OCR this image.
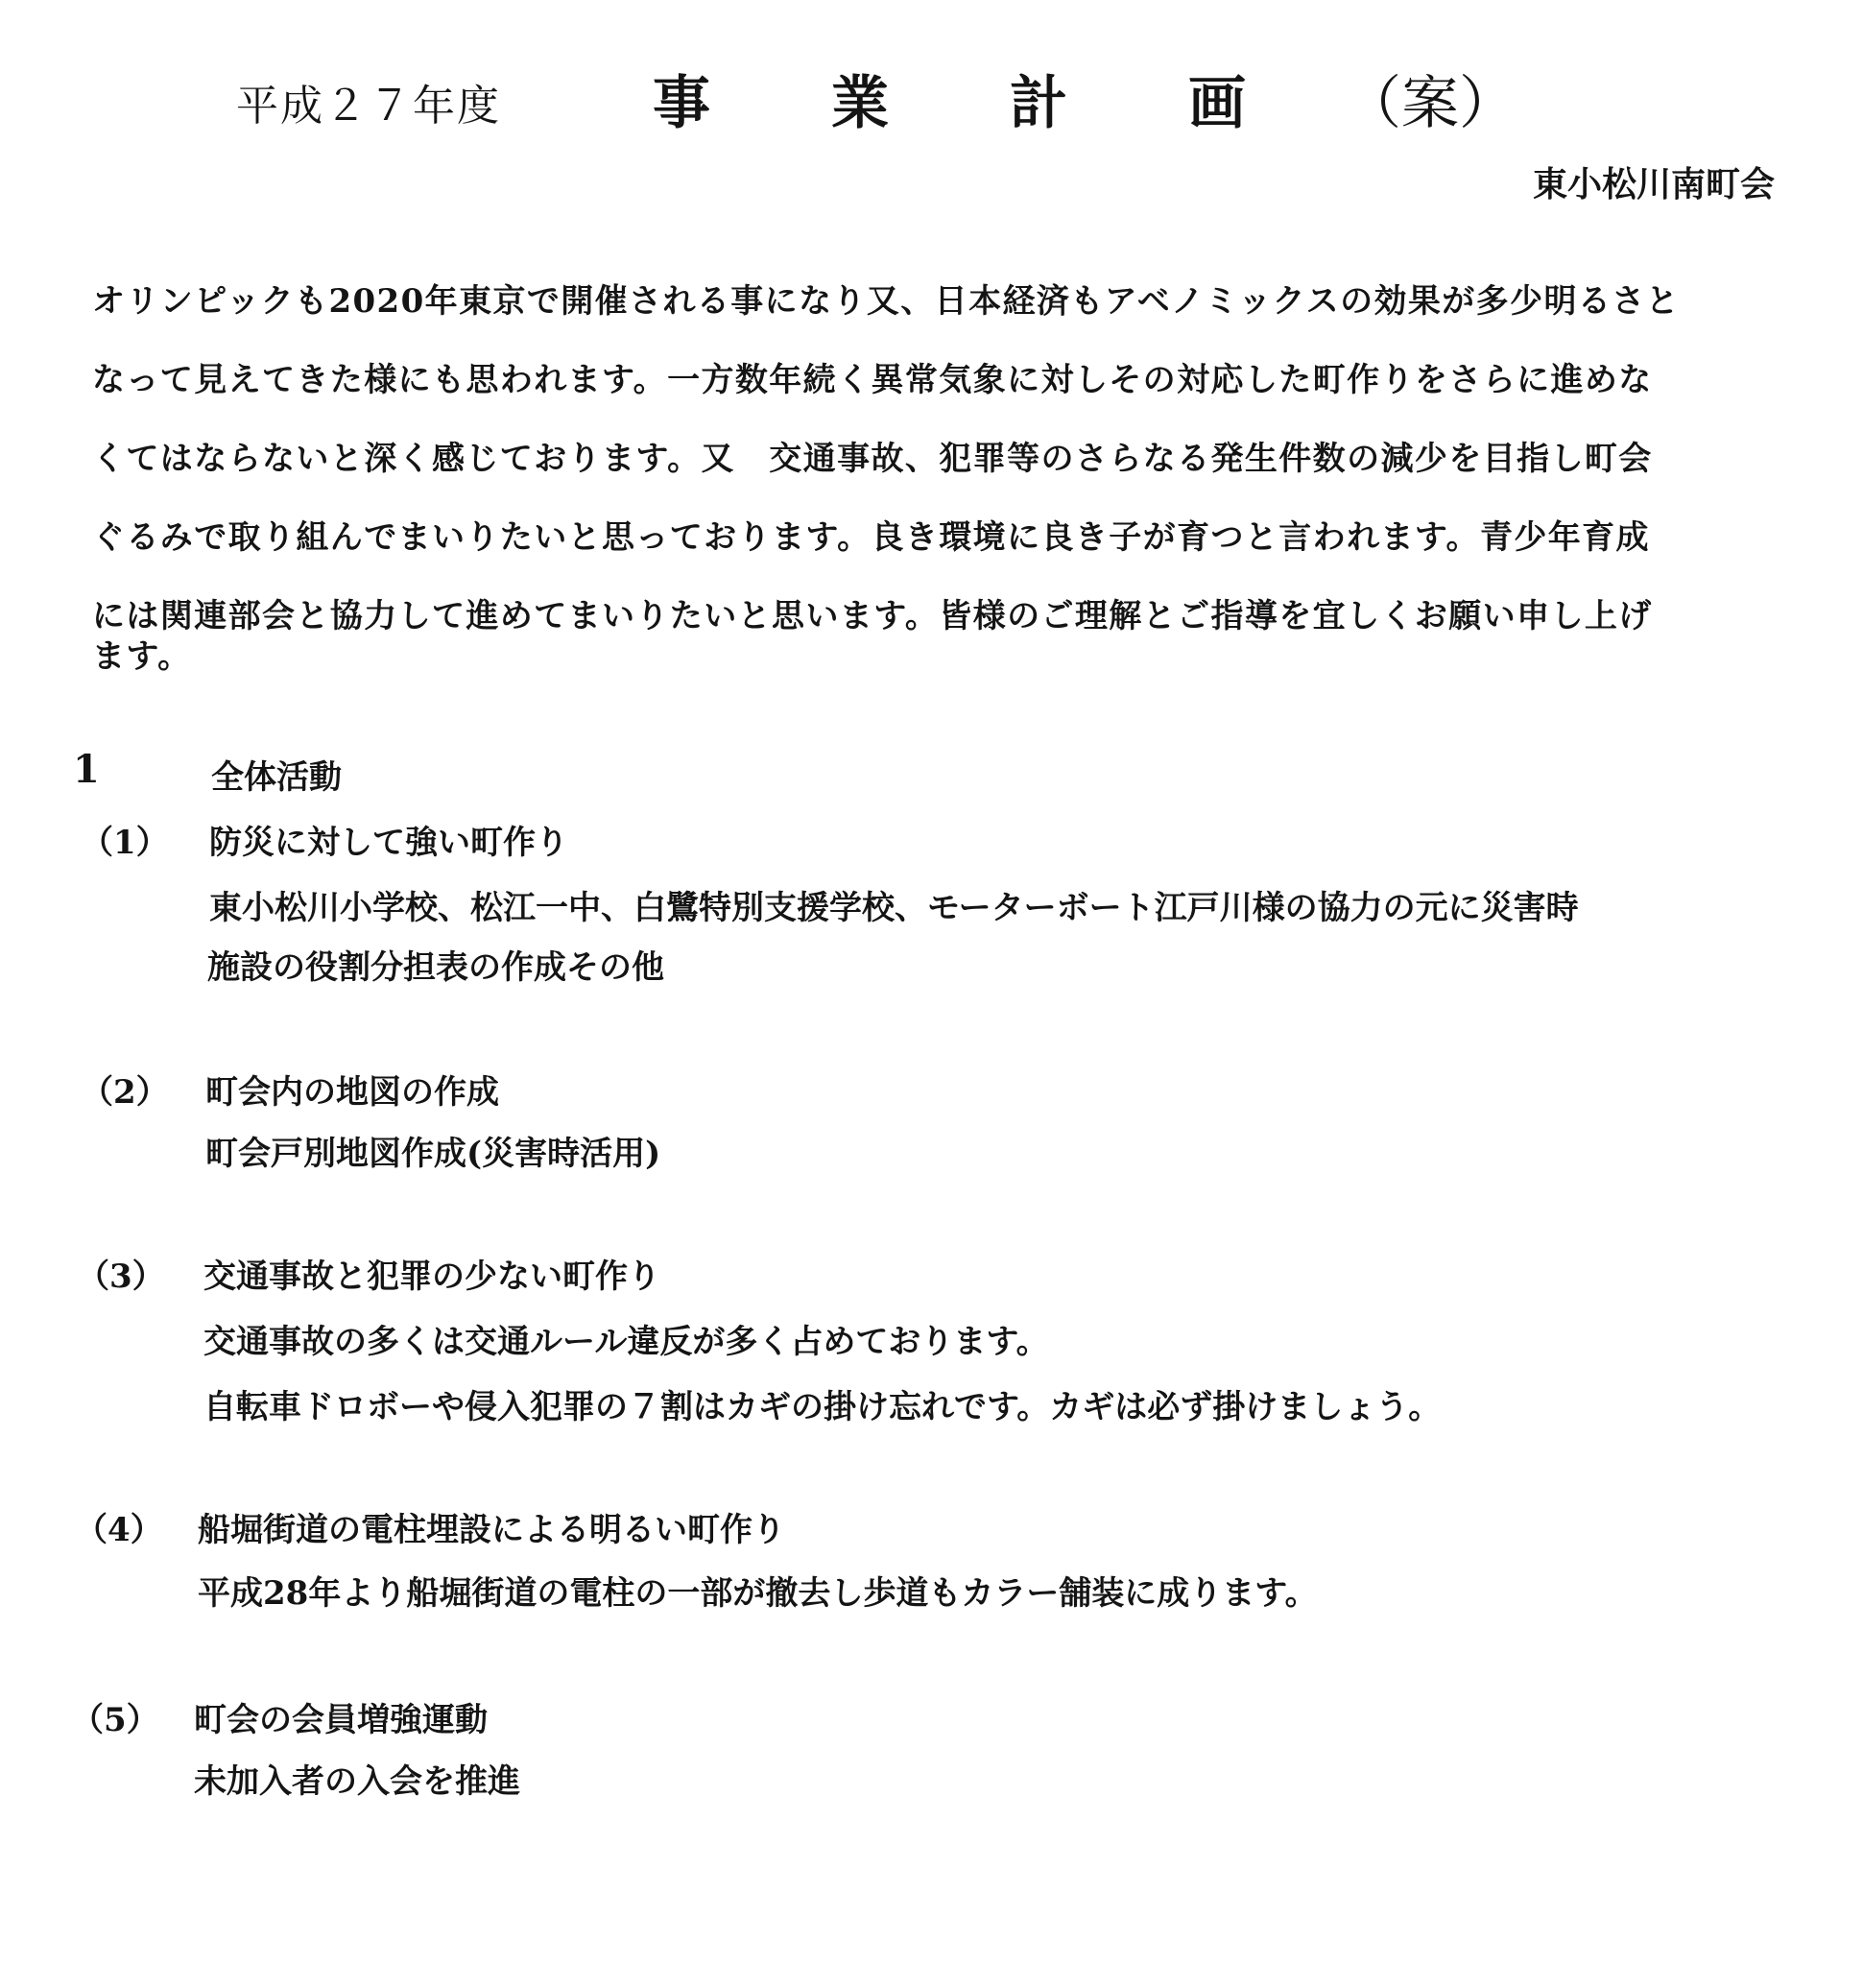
平成２７年度	事 業 計 画 （案）
東小松川南町会
オリンピックも2020年東京で開催される事になり又、日本経済もアベノミックスの効果が多少明るさと
なって見えてきた様にも思われます。一方数年続く異常気象に対しその対応した町作りをさらに進めな
くてはならないと深く感じております。又　交通事故、犯罪等のさらなる発生件数の減少を目指し町会
ぐるみで取り組んでまいりたいと思っております。良き環境に良き子が育つと言われます。青少年育成
には関連部会と協力して進めてまいりたいと思います。皆様のご理解とご指導を宜しくお願い申し上げ
ます。
1	全体活動
（1） 防災に対して強い町作り
東小松川小学校、松江一中、白鷺特別支援学校、モーターボート江戸川様の協力の元に災害時
施設の役割分担表の作成その他
（2） 町会内の地図の作成
町会戸別地図作成(災害時活用)
（3） 交通事故と犯罪の少ない町作り
交通事故の多くは交通ルール違反が多く占めております。
自転車ドロボーや侵入犯罪の７割はカギの掛け忘れです。カギは必ず掛けましょう。
（4） 船堀街道の電柱埋設による明るい町作り
平成28年より船堀街道の電柱の一部が撤去し歩道もカラー舗装に成ります。
（5） 町会の会員増強運動
未加入者の入会を推進
